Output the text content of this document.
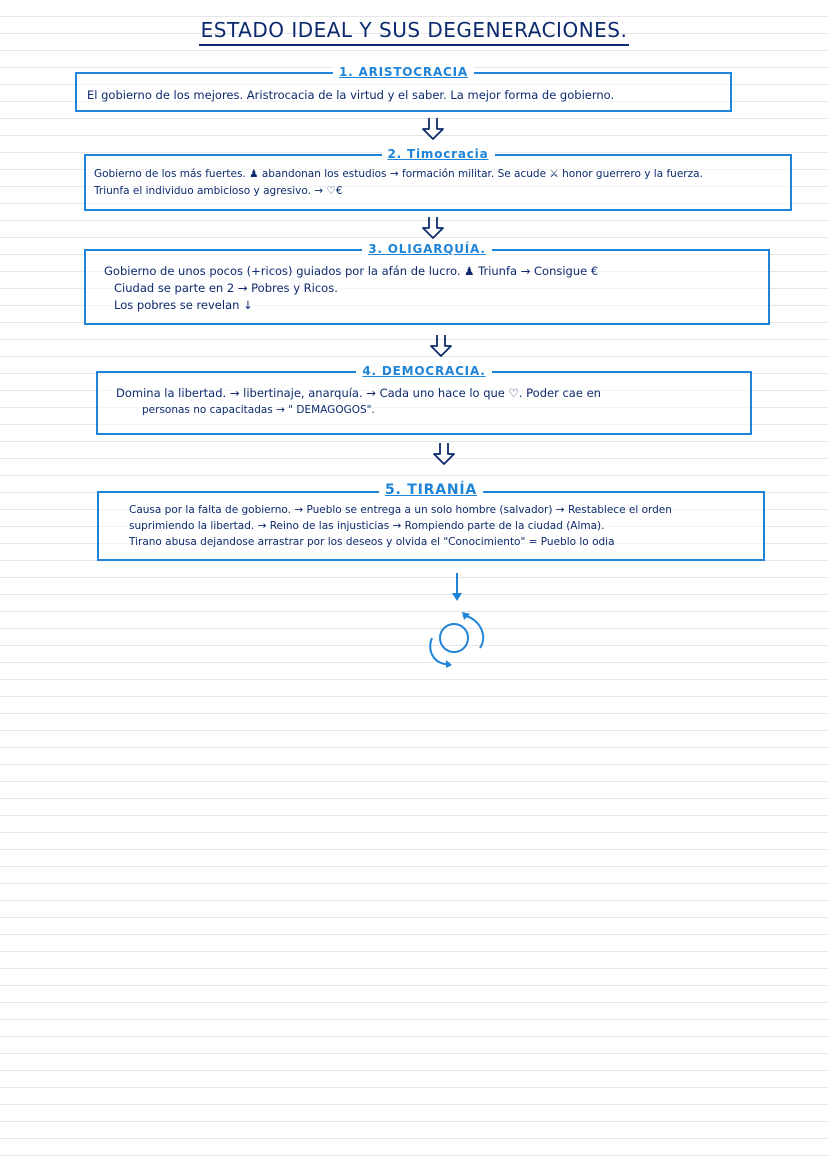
ESTADO IDEAL Y SUS DEGENERACIONES.
1. ARISTOCRACIA
El gobierno de los mejores. Aristrocacia de la virtud y el saber. La mejor forma de gobierno.
2. Timocracia
Gobierno de los más fuertes. ♟ abandonan los estudios → formación militar. Se acude ⚔ honor guerrero y la fuerza.
Triunfa el individuo ambicioso y agresivo. → ♡€
3. OLIGARQUÍA.
Gobierno de unos pocos (+ricos) guiados por la afán de lucro. ♟ Triunfa → Consigue €
Ciudad se parte en 2 → Pobres y Ricos.
Los pobres se revelan ↓
4. DEMOCRACIA.
Domina la libertad. → libertinaje, anarquía. → Cada uno hace lo que ♡. Poder cae en
personas no capacitadas → " DEMAGOGOS".
5. TIRANÍA
Causa por la falta de gobierno. → Pueblo se entrega a un solo hombre (salvador) → Restablece el orden
suprimiendo la libertad. → Reino de las injusticias → Rompiendo parte de la ciudad (Alma).
Tirano abusa dejandose arrastrar por los deseos y olvida el "Conocimiento" = Pueblo lo odia
